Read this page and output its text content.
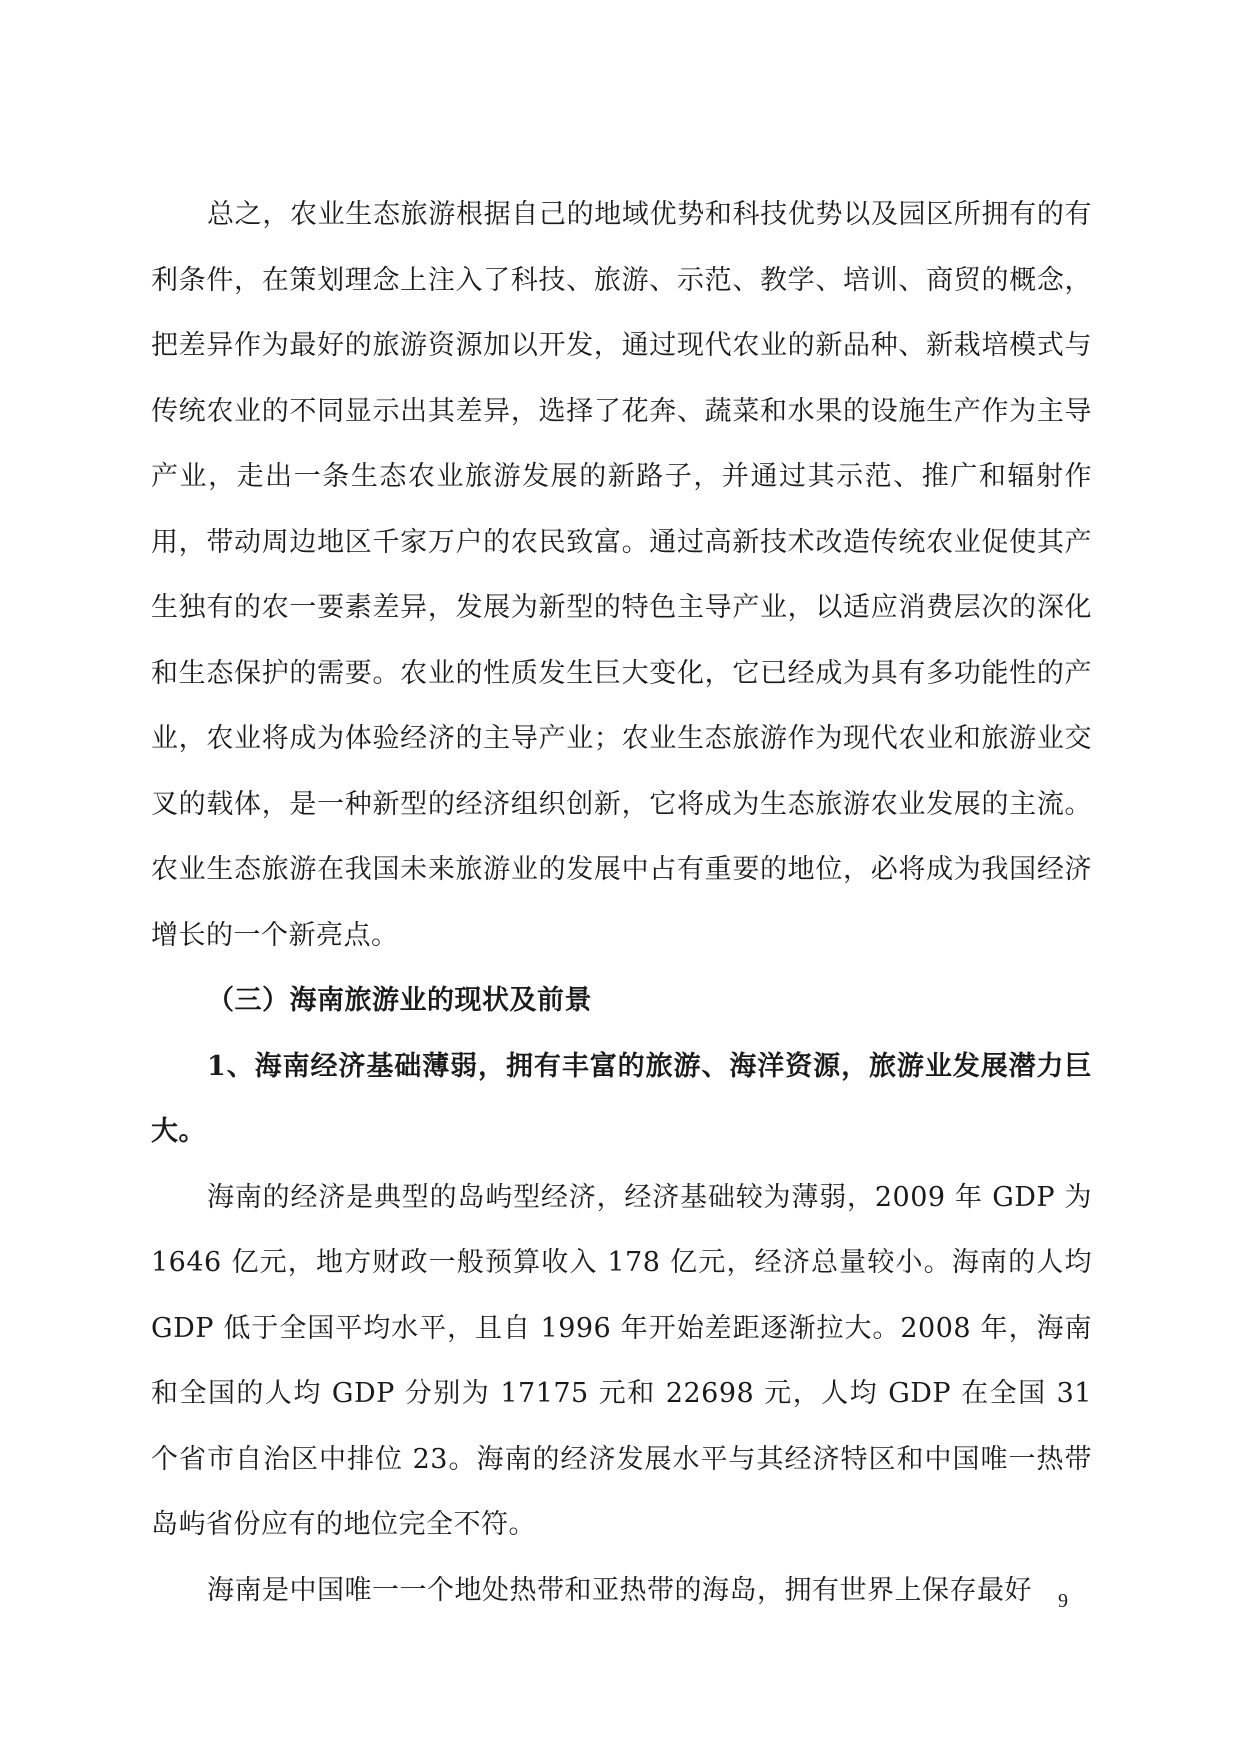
总之，农业生态旅游根据自己的地域优势和科技优势以及园区所拥有的有利条件，在策划理念上注入了科技、旅游、示范、教学、培训、商贸的概念，把差异作为最好的旅游资源加以开发，通过现代农业的新品种、新栽培模式与传统农业的不同显示出其差异，选择了花奔、蔬菜和水果的设施生产作为主导产业，走出一条生态农业旅游发展的新路子，并通过其示范、推广和辐射作用，带动周边地区千家万户的农民致富。通过高新技术改造传统农业促使其产生独有的农一要素差异，发展为新型的特色主导产业，以适应消费层次的深化和生态保护的需要。农业的性质发生巨大变化，它已经成为具有多功能性的产业，农业将成为体验经济的主导产业；农业生态旅游作为现代农业和旅游业交叉的载体，是一种新型的经济组织创新，它将成为生态旅游农业发展的主流。农业生态旅游在我国未来旅游业的发展中占有重要的地位，必将成为我国经济增长的一个新亮点。

（三）海南旅游业的现状及前景

1、海南经济基础薄弱，拥有丰富的旅游、海洋资源，旅游业发展潜力巨大。

海南的经济是典型的岛屿型经济，经济基础较为薄弱，2009 年 GDP 为 1646 亿元，地方财政一般预算收入 178 亿元，经济总量较小。海南的人均 GDP 低于全国平均水平，且自 1996 年开始差距逐渐拉大。2008 年，海南和全国的人均 GDP 分别为 17175 元和 22698 元，人均 GDP 在全国 31 个省市自治区中排位 23。海南的经济发展水平与其经济特区和中国唯一热带岛屿省份应有的地位完全不符。

海南是中国唯一一个地处热带和亚热带的海岛，拥有世界上保存最好	9
